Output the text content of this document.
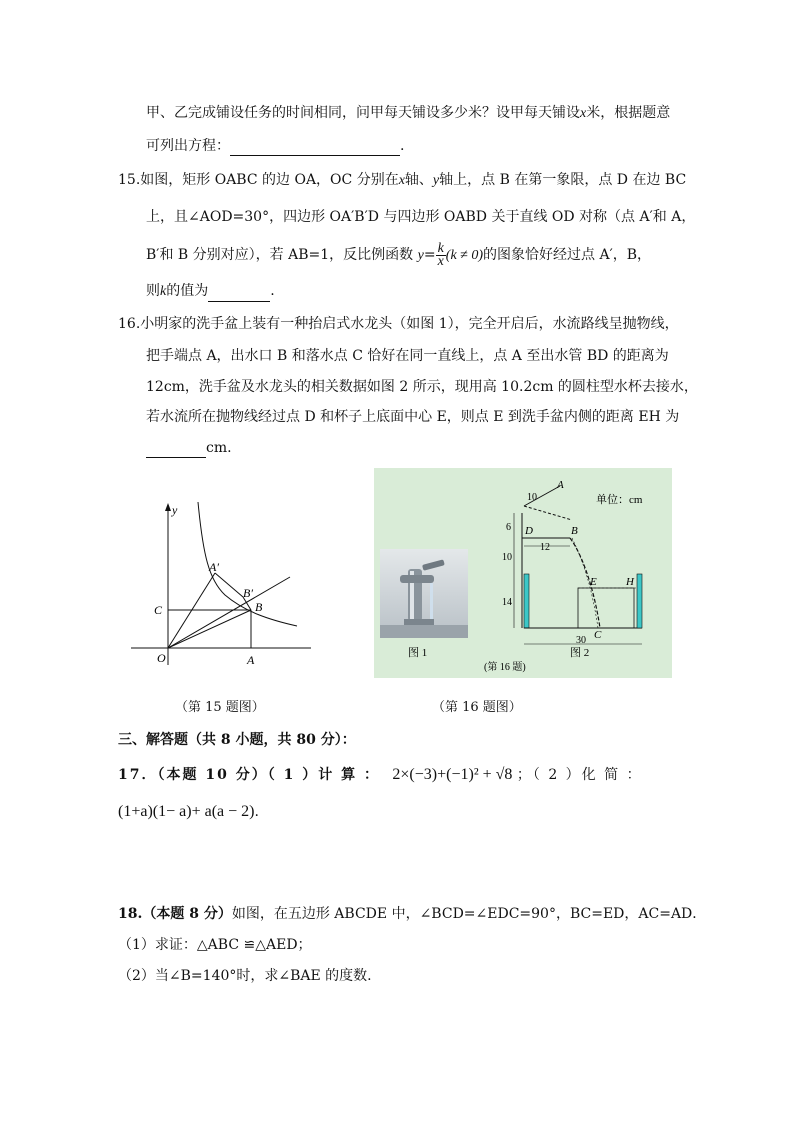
甲、乙完成铺设任务的时间相同，问甲每天铺设多少米？设甲每天铺设x米，根据题意
可列出方程：	.
15.如图，矩形 OABC 的边 OA，OC 分别在x轴、y轴上，点 B 在第一象限，点 D 在边 BC
上，且∠AOD=30°，四边形 OA′B′D 与四边形 OABD 关于直线 OD 对称（点 A′和 A，
B′和 B 分别对应），若 AB=1，反比例函数 $y= \frac{k}{x} (k \ne 0)$的图象恰好经过点 A′，B，
则k的值为	.
16.小明家的洗手盆上装有一种抬启式水龙头（如图 1），完全开启后，水流路线呈抛物线，
把手端点 A，出水口 B 和落水点 C 恰好在同一直线上，点 A 至出水管 BD 的距离为
12cm，洗手盆及水龙头的相关数据如图 2 所示，现用高 10.2cm 的圆柱型水杯去接水，
若水流所在抛物线经过点 D 和杯子上底面中心 E，则点 E 到洗手盆内侧的距离 EH 为
cm.
y
A′
B′
B
C
O	A
（第 15 题图）
单位：cm
10
A
D	B
12
6
10
14
E	H
C
30
图 1	图 2
(第 16 题)
（第 16 题图）
三、解答题（共 8 小题，共 80 分）：
17．（本题 10 分）（ 1 ）计 算 ： 2×(−3)+(−1)² + √8 ；（ 2 ）化 简 ：
(1+a)(1− a)+ a(a − 2).
18.（本题 8 分）如图，在五边形 ABCDE 中，∠BCD=∠EDC=90°，BC=ED，AC=AD．
（1）求证：△ABC ≌△AED；
（2）当∠B=140°时，求∠BAE 的度数.
